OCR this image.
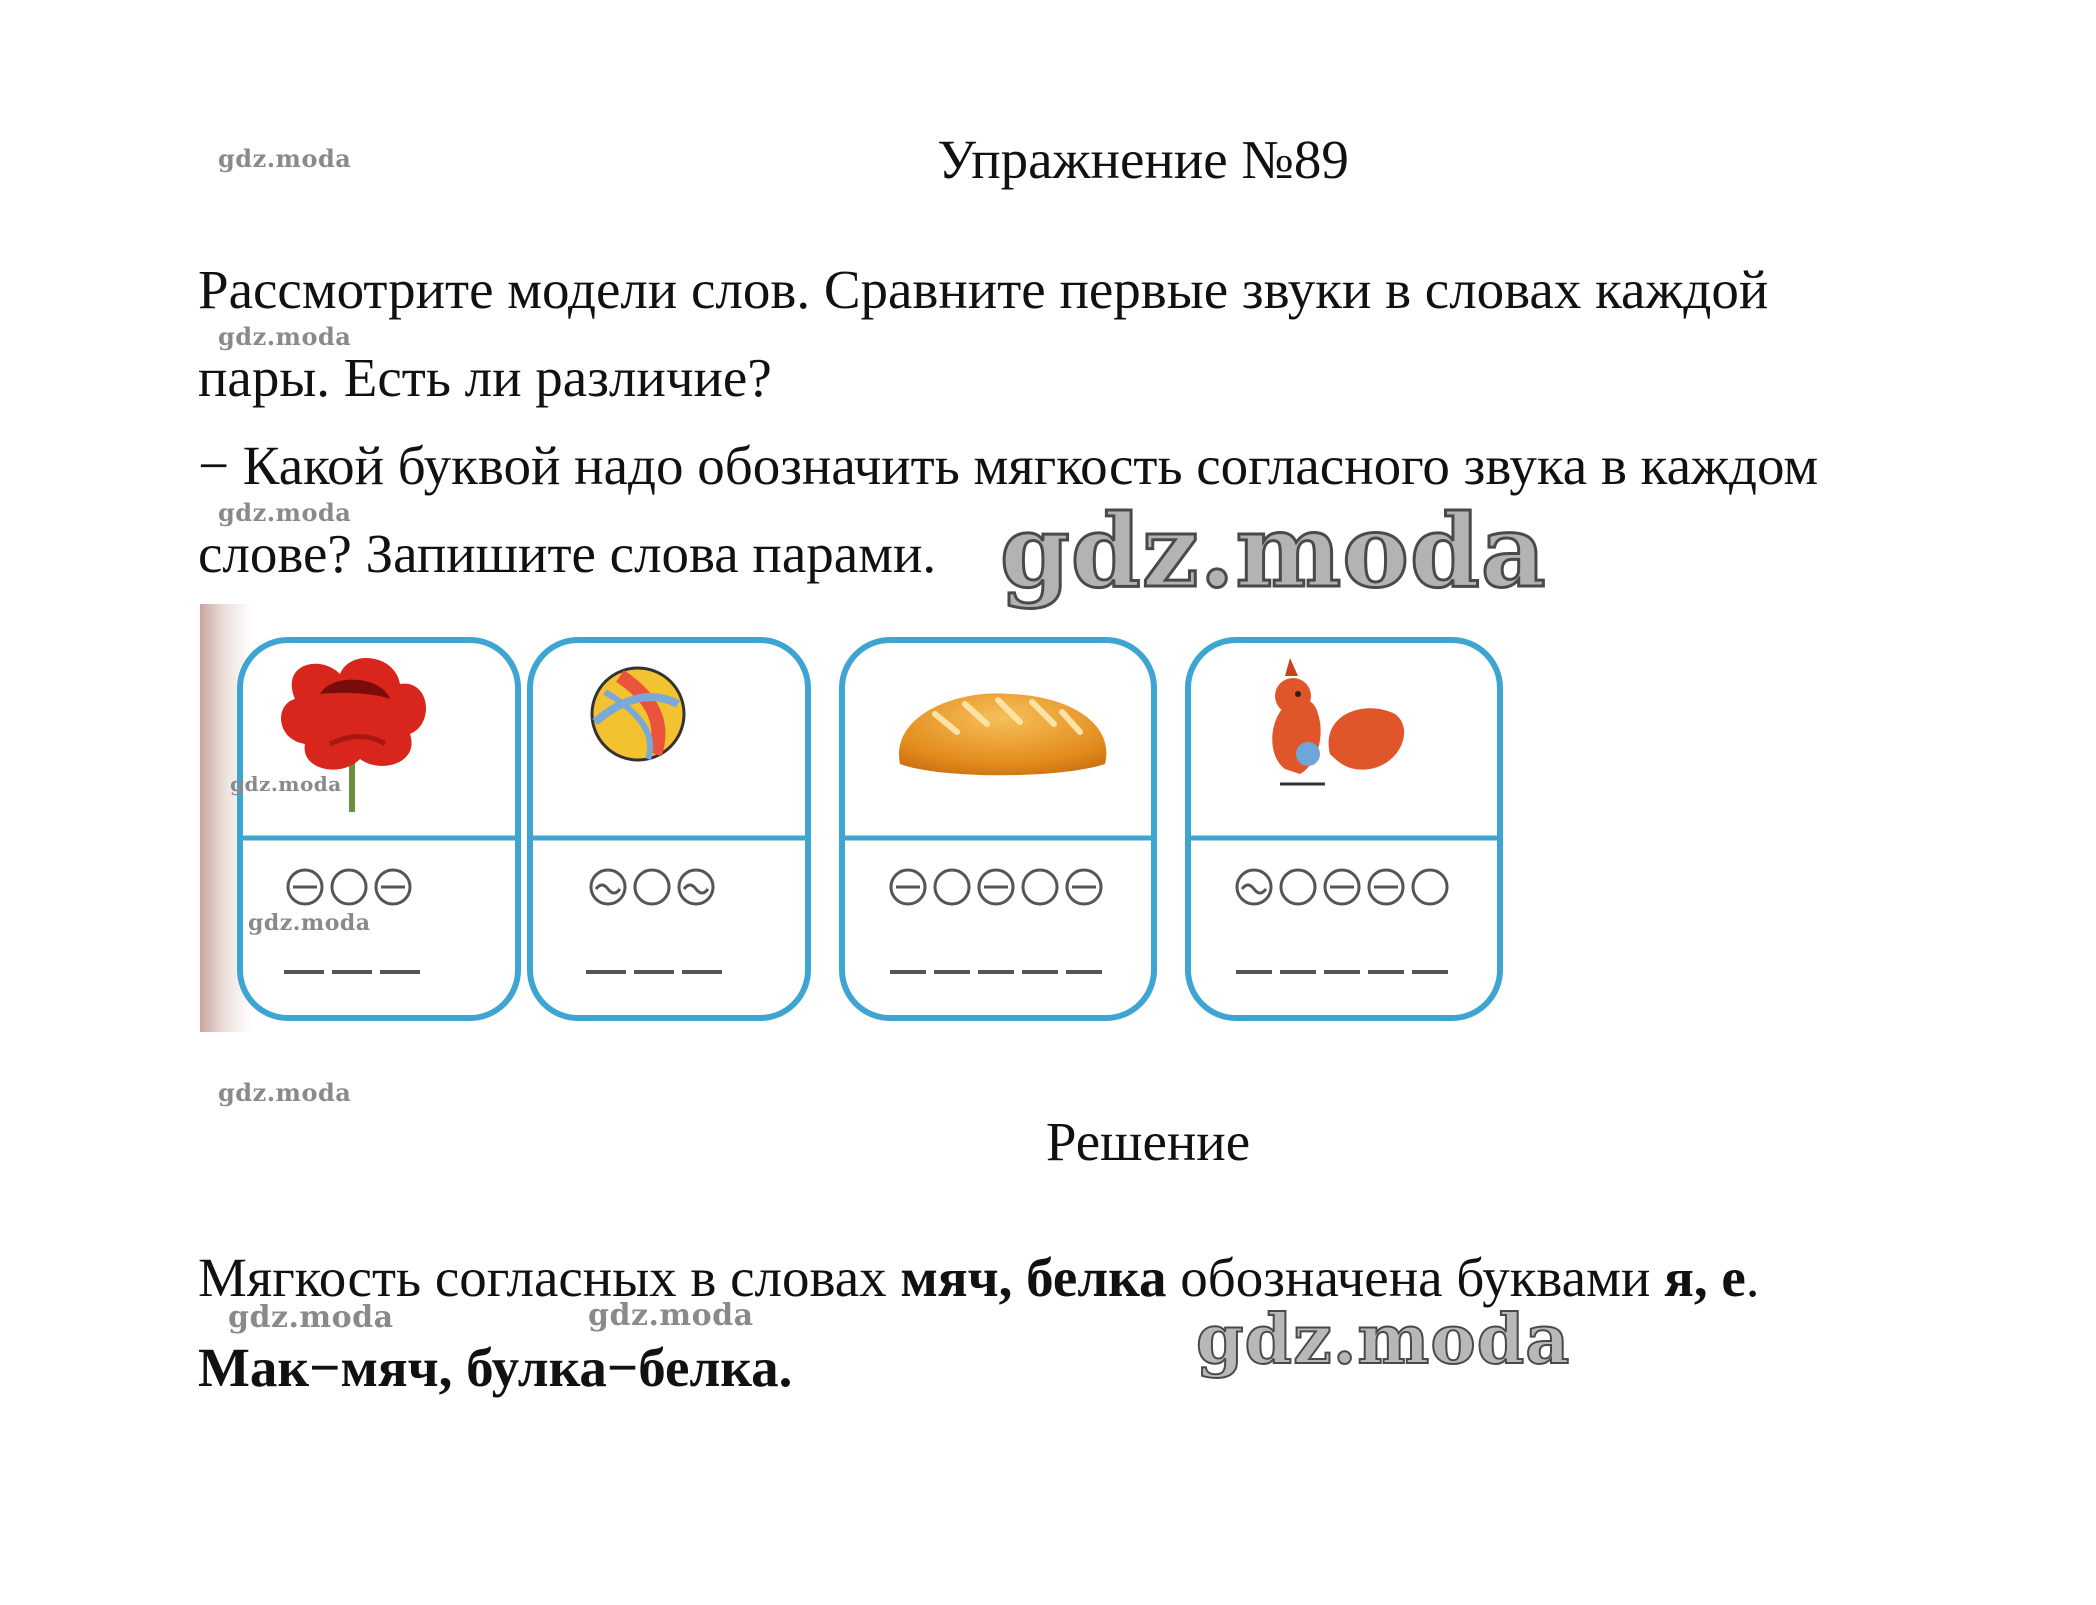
Упражнение №89
gdz.moda
gdz.moda
gdz.moda
gdz.moda
gdz.moda	gdz.moda
Рассмотрите модели слов. Сравните первые звуки в словах каждой
пары. Есть ли различие?
− Какой буквой надо обозначить мягкость согласного звука в каждом
слове? Запишите слова парами. gdz.moda
gdz.moda
gdz.moda
Решение
Мягкость согласных в словах мяч, белка обозначена буквами я, е.
Мак−мяч, булка−белка.	gdz.moda
